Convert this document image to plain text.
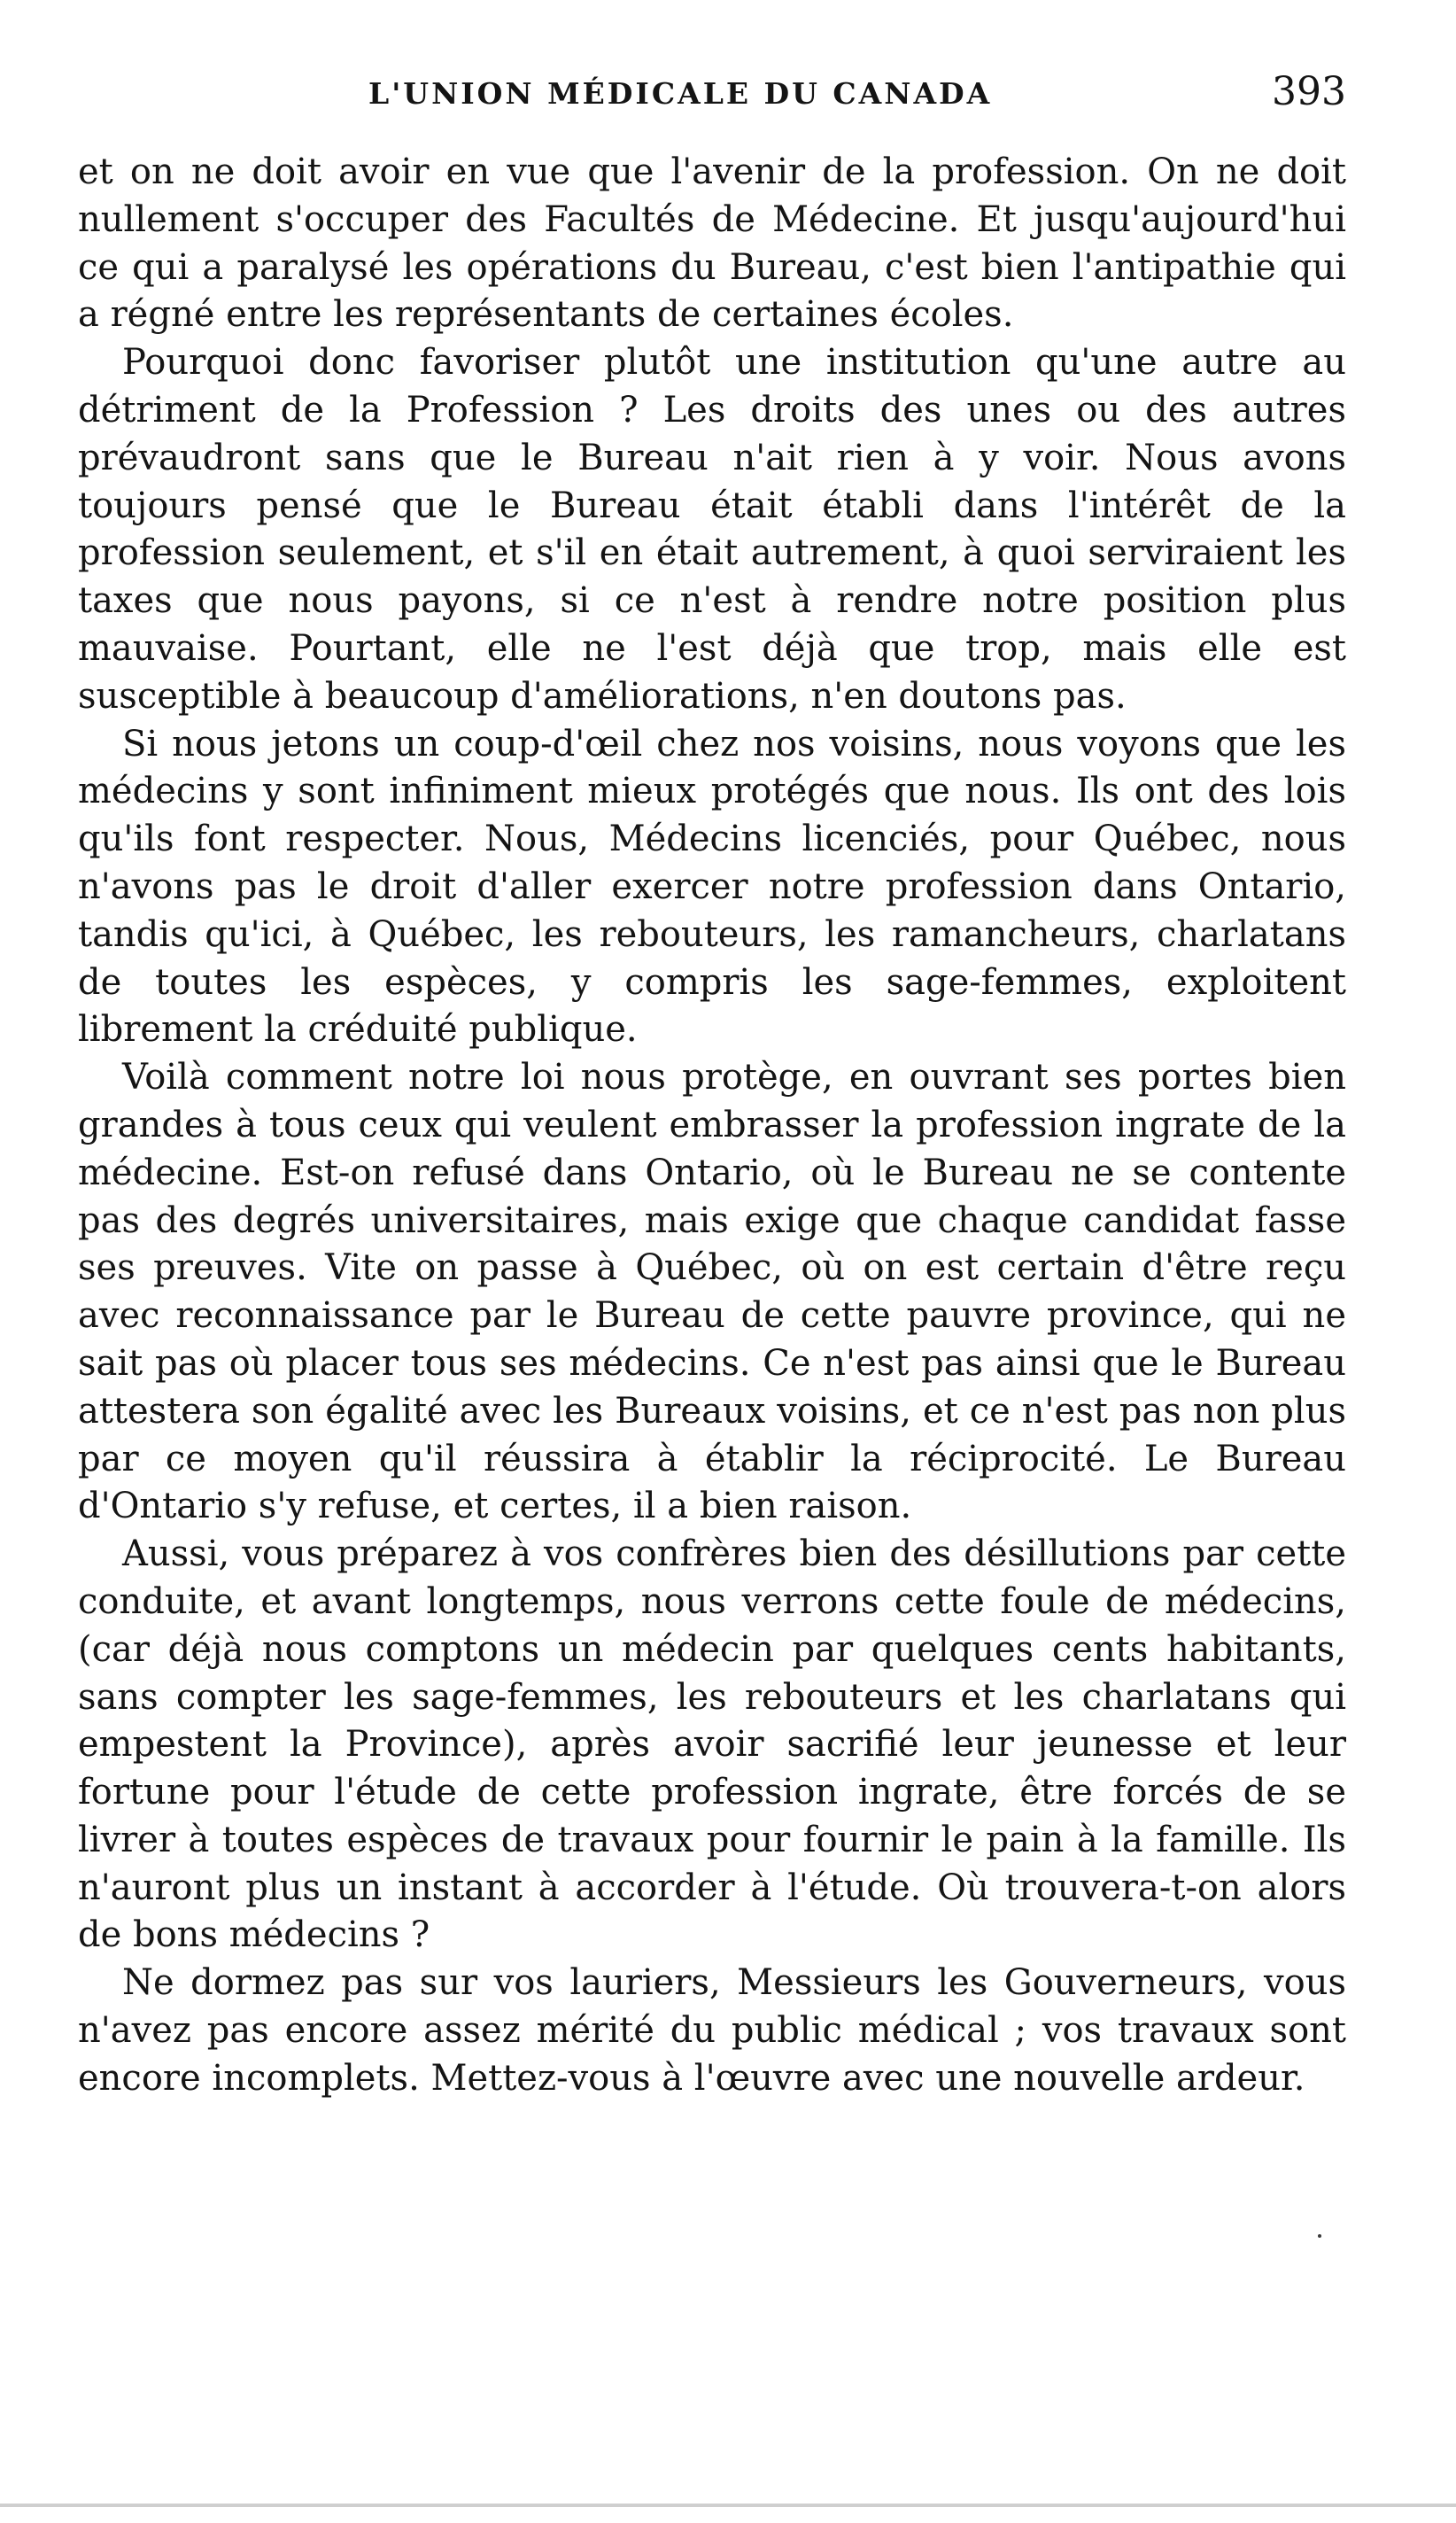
L'UNION MÉDICALE DU CANADA	393

et on ne doit avoir en vue que l'avenir de la profession. On ne doit nullement s'occuper des Facultés de Médecine. Et jusqu'aujourd'hui ce qui a paralysé les opérations du Bureau, c'est bien l'antipathie qui a régné entre les représentants de certaines écoles.

Pourquoi donc favoriser plutôt une institution qu'une autre au détriment de la Profession ? Les droits des unes ou des autres prévaudront sans que le Bureau n'ait rien à y voir. Nous avons toujours pensé que le Bureau était établi dans l'intérêt de la profession seulement, et s'il en était autrement, à quoi serviraient les taxes que nous payons, si ce n'est à rendre notre position plus mauvaise. Pourtant, elle ne l'est déjà que trop, mais elle est susceptible à beaucoup d'améliorations, n'en doutons pas.

Si nous jetons un coup-d'œil chez nos voisins, nous voyons que les médecins y sont infiniment mieux protégés que nous. Ils ont des lois qu'ils font respecter. Nous, Médecins licenciés, pour Québec, nous n'avons pas le droit d'aller exercer notre profession dans Ontario, tandis qu'ici, à Québec, les rebouteurs, les ramancheurs, charlatans de toutes les espèces, y compris les sage-femmes, exploitent librement la créduité publique.

Voilà comment notre loi nous protège, en ouvrant ses portes bien grandes à tous ceux qui veulent embrasser la profession ingrate de la médecine. Est-on refusé dans Ontario, où le Bureau ne se contente pas des degrés universitaires, mais exige que chaque candidat fasse ses preuves. Vite on passe à Québec, où on est certain d'être reçu avec reconnaissance par le Bureau de cette pauvre province, qui ne sait pas où placer tous ses médecins. Ce n'est pas ainsi que le Bureau attestera son égalité avec les Bureaux voisins, et ce n'est pas non plus par ce moyen qu'il réussira à établir la réciprocité. Le Bureau d'Ontario s'y refuse, et certes, il a bien raison.

Aussi, vous préparez à vos confrères bien des désillutions par cette conduite, et avant longtemps, nous verrons cette foule de médecins, (car déjà nous comptons un médecin par quelques cents habitants, sans compter les sage-femmes, les rebouteurs et les charlatans qui empestent la Province), après avoir sacrifié leur jeunesse et leur fortune pour l'étude de cette profession ingrate, être forcés de se livrer à toutes espèces de travaux pour fournir le pain à la famille. Ils n'auront plus un instant à accorder à l'étude. Où trouvera-t-on alors de bons médecins ?

Ne dormez pas sur vos lauriers, Messieurs les Gouverneurs, vous n'avez pas encore assez mérité du public médical ; vos travaux sont encore incomplets. Mettez-vous à l'œuvre avec une nouvelle ardeur.
